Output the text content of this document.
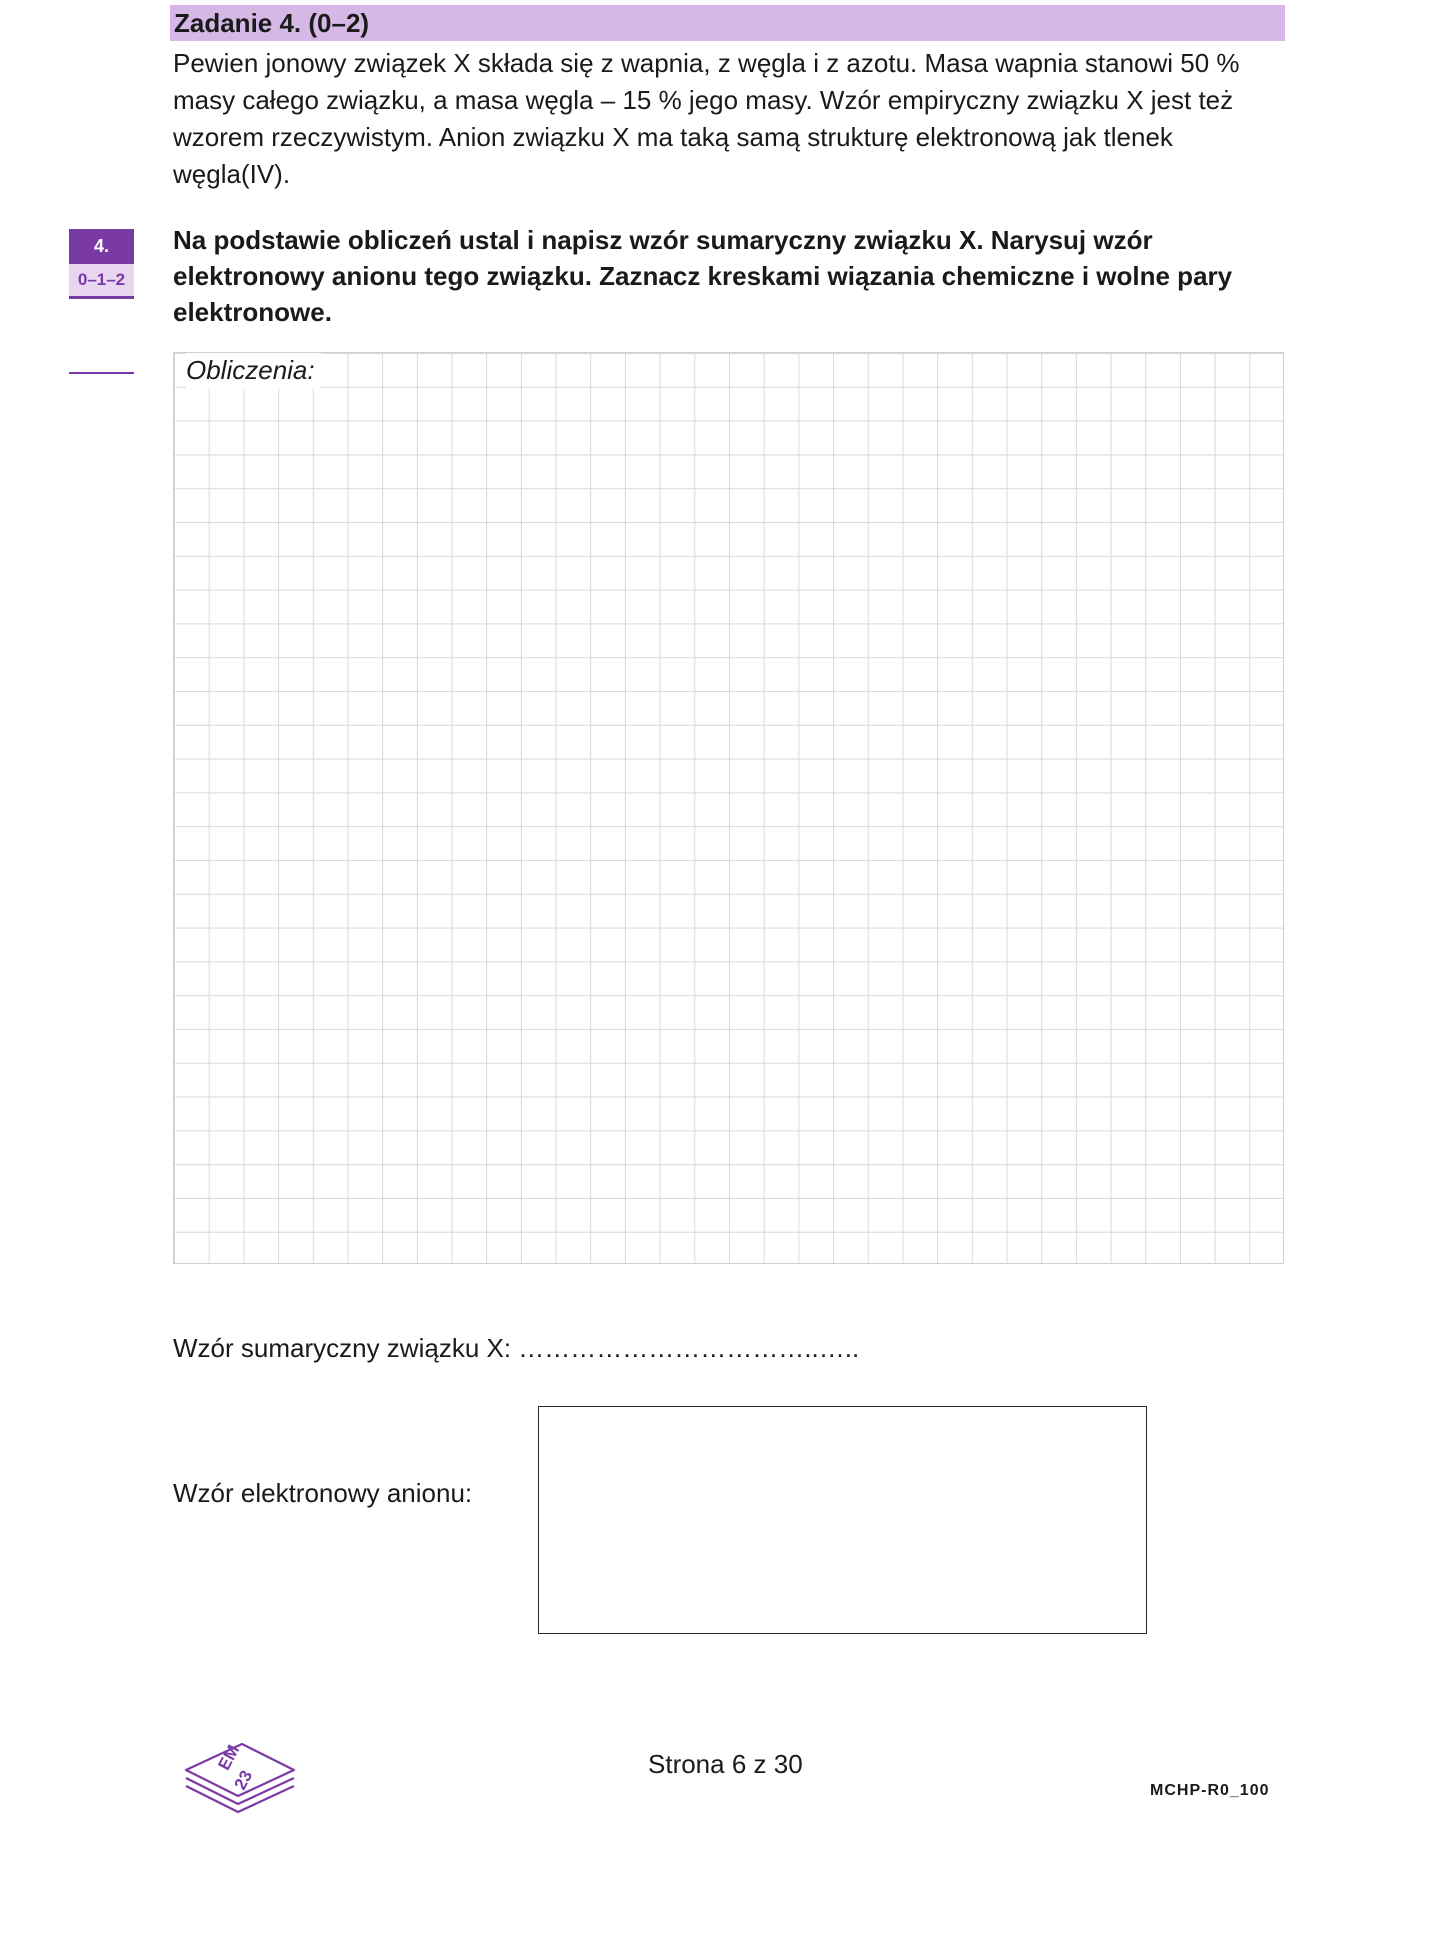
Zadanie 4. (0–2)
Pewien jonowy związek X składa się z wapnia, z węgla i z azotu. Masa wapnia stanowi 50 % masy całego związku, a masa węgla – 15 % jego masy. Wzór empiryczny związku X jest też wzorem rzeczywistym. Anion związku X ma taką samą strukturę elektronową jak tlenek węgla(IV).
4.
0–1–2
Na podstawie obliczeń ustal i napisz wzór sumaryczny związku X. Narysuj wzór elektronowy anionu tego związku. Zaznacz kreskami wiązania chemiczne i wolne pary elektronowe.
Obliczenia:
Wzór sumaryczny związku X: ……………………………..…..
Wzór elektronowy anionu:
EM
23
Strona 6 z 30
MCHP-R0_100
